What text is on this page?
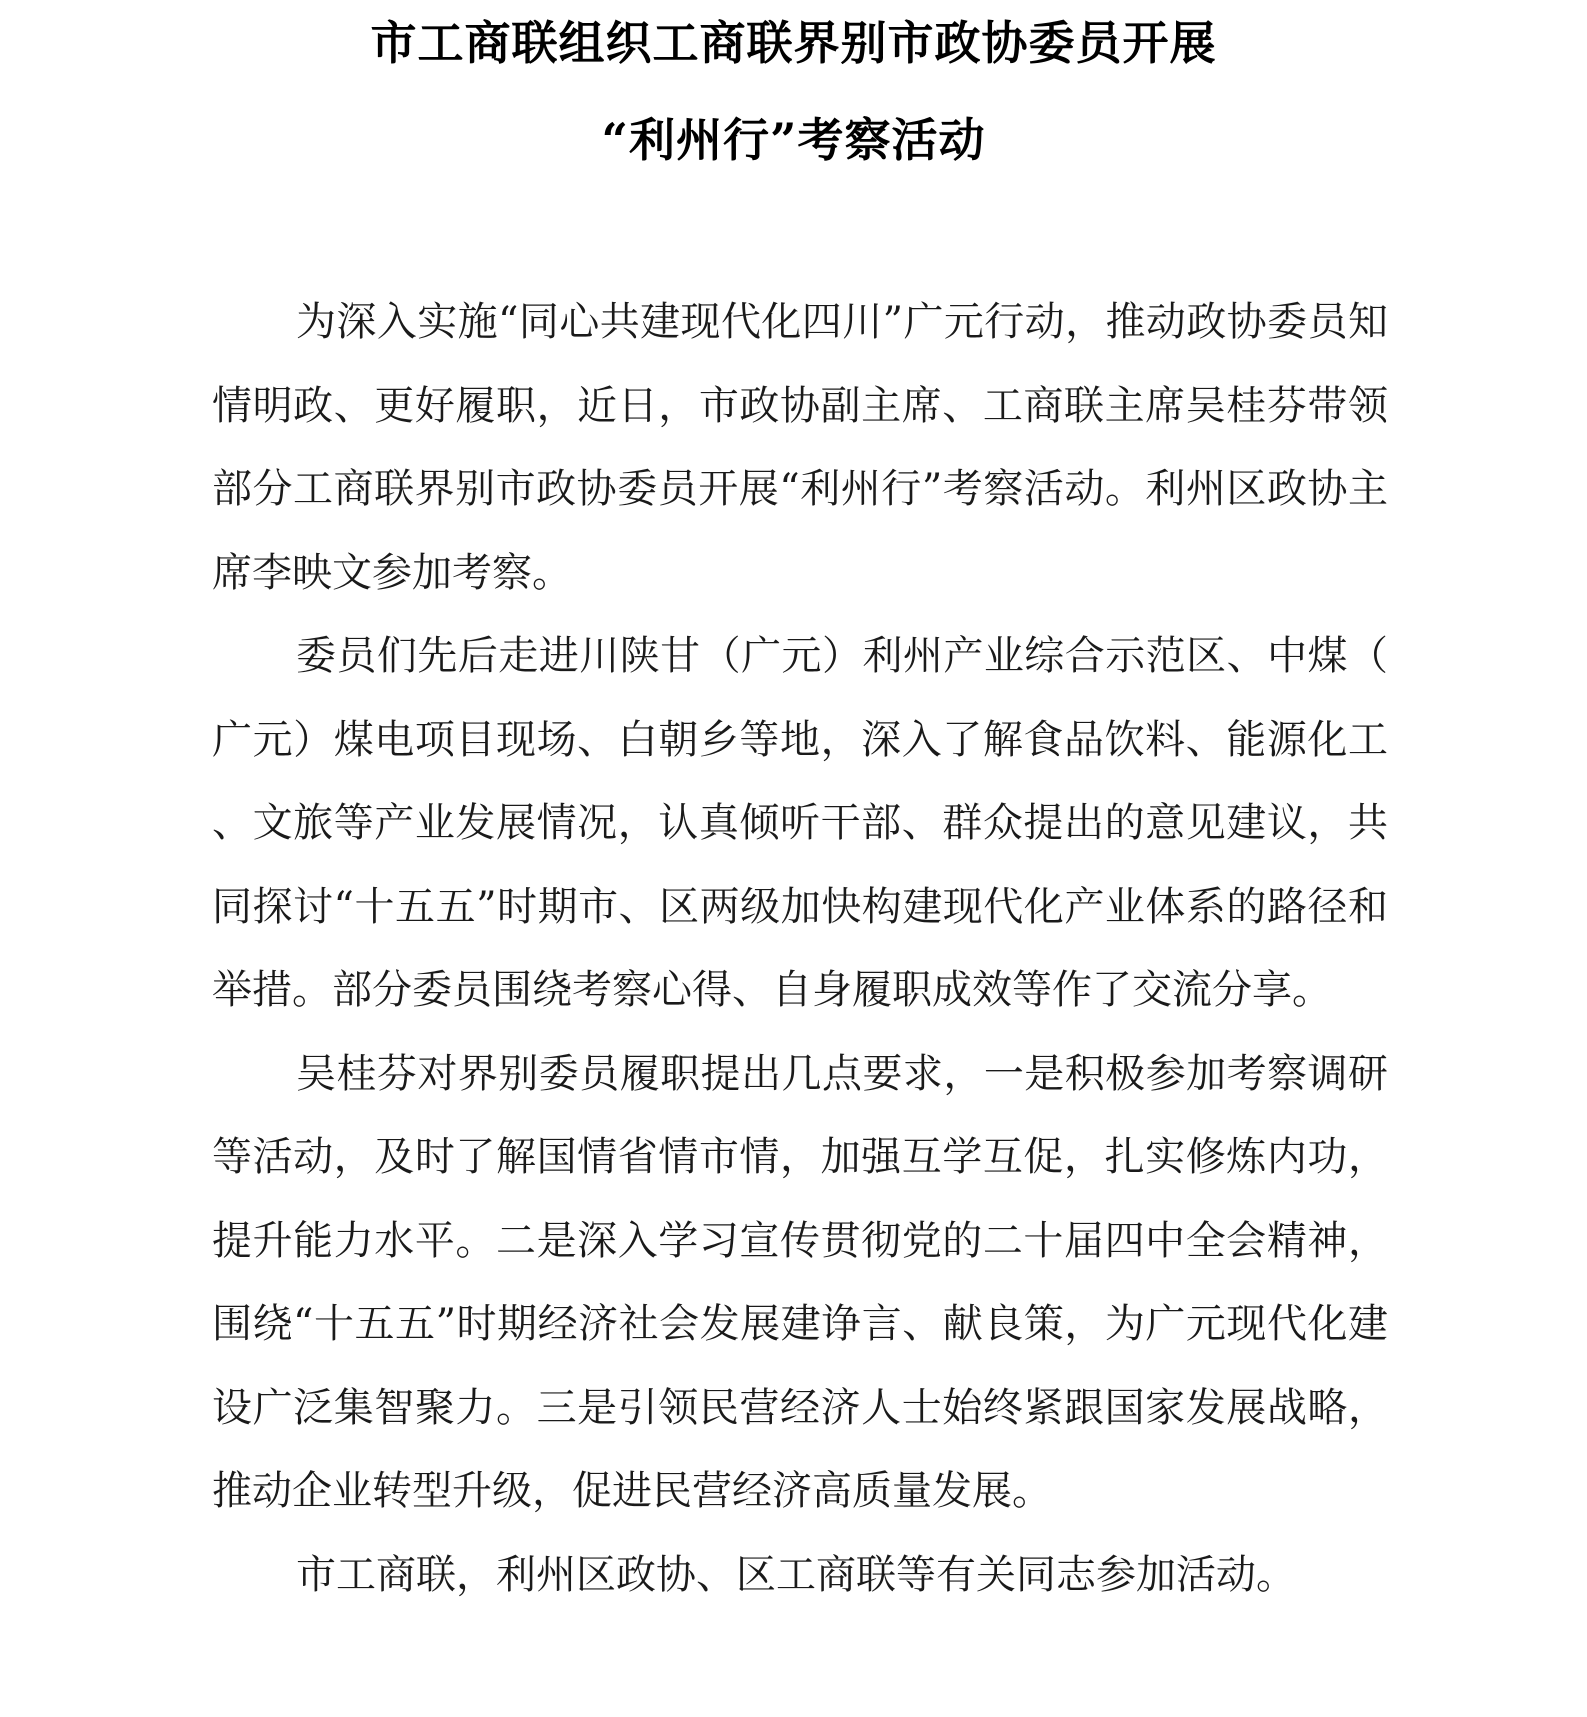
市工商联组织工商联界别市政协委员开展
“利州行”考察活动

为深入实施“同心共建现代化四川”广元行动，推动政协委员知情明政、更好履职，近日，市政协副主席、工商联主席吴桂芬带领部分工商联界别市政协委员开展“利州行”考察活动。利州区政协主席李映文参加考察。

委员们先后走进川陕甘（广元）利州产业综合示范区、中煤（广元）煤电项目现场、白朝乡等地，深入了解食品饮料、能源化工、文旅等产业发展情况，认真倾听干部、群众提出的意见建议，共同探讨“十五五”时期市、区两级加快构建现代化产业体系的路径和举措。部分委员围绕考察心得、自身履职成效等作了交流分享。

吴桂芬对界别委员履职提出几点要求，一是积极参加考察调研等活动，及时了解国情省情市情，加强互学互促，扎实修炼内功，提升能力水平。二是深入学习宣传贯彻党的二十届四中全会精神，围绕“十五五”时期经济社会发展建诤言、献良策，为广元现代化建设广泛集智聚力。三是引领民营经济人士始终紧跟国家发展战略，推动企业转型升级，促进民营经济高质量发展。

市工商联，利州区政协、区工商联等有关同志参加活动。
